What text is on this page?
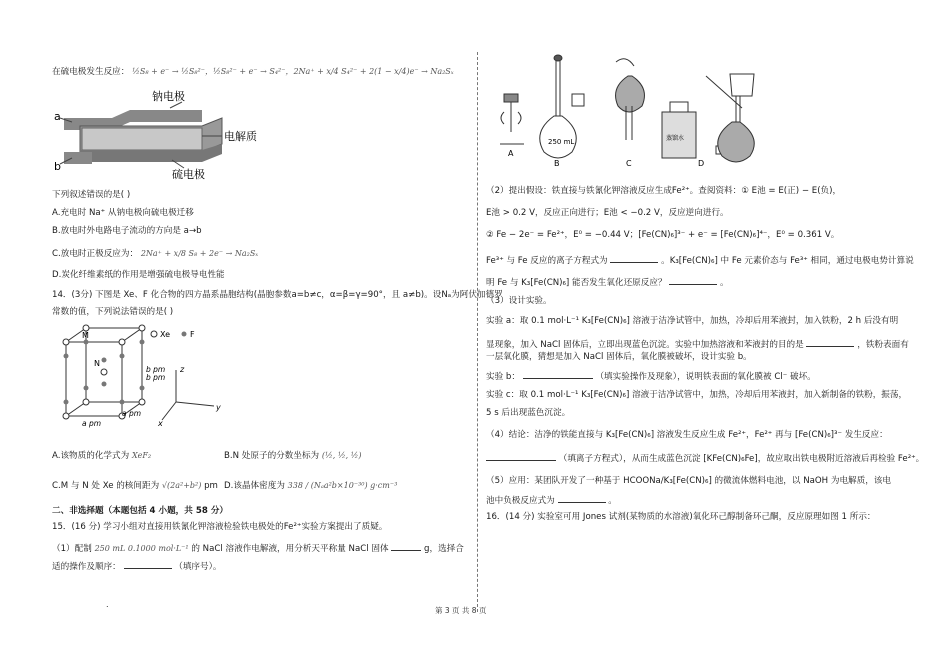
在硫电极发生反应： ½S₈ + e⁻ → ½S₈²⁻，½S₈²⁻ + e⁻ → S₄²⁻，2Na⁺ + x/4 S₄²⁻ + 2(1 − x/4)e⁻ → Na₂Sₓ
a
b
钠电极
电解质
硫电极
下列叙述错误的是( )
A.充电时 Na⁺ 从钠电极向硫电极迁移
B.放电时外电路电子流动的方向是 a→b
C.放电时正极反应为： 2Na⁺ + x/8 S₈ + 2e⁻ → Na₂Sₓ
D.炭化纤维素纸的作用是增强硫电极导电性能
14．(3分) 下图是 Xe、F 化合物的四方晶系晶胞结构(晶胞参数a=b≠c，α=β=γ=90°，且 a≠b)。设Nₐ为阿伏加德罗
常数的值，下列说法错误的是( )
M
N
Xe F
b pm
b pm
a pm
a pm
z
y
x
A.该物质的化学式为 XeF₂	B.N 处原子的分数坐标为 (½, ½, ½)
C.M 与 N 处 Xe 的核间距为 √(2a²+b²) pm D.该晶体密度为 338 / (Nₐa²b×10⁻³⁰) g·cm⁻³
二、非选择题（本题包括 4 小题，共 58 分）
15．(16 分) 学习小组对直接用铁氰化钾溶液检验铁电极处的Fe²⁺实验方案提出了质疑。
（1）配制 250 mL 0.1000 mol·L⁻¹ 的 NaCl 溶液作电解液，用分析天平称量 NaCl 固体	g，选择合
适的操作及顺序：	（填序号）。
.
A
B	C	D
250 mL	蒸馏水
（2）提出假设：铁直接与铁氰化钾溶液反应生成Fe²⁺。查阅资料：① E池 = E(正) − E(负)，
E池 > 0.2 V，反应正向进行；E池 < −0.2 V，反应逆向进行。
② Fe − 2e⁻ = Fe²⁺，E⁰ = −0.44 V；[Fe(CN)₆]³⁻ + e⁻ = [Fe(CN)₆]⁴⁻，E⁰ = 0.361 V。
Fe³⁺ 与 Fe 反应的离子方程式为	。K₃[Fe(CN)₆] 中 Fe 元素价态与 Fe³⁺ 相同，通过电极电势计算说
明 Fe 与 K₃[Fe(CN)₆] 能否发生氧化还原反应？	。
（3）设计实验。
实验 a：取 0.1 mol·L⁻¹ K₃[Fe(CN)₆] 溶液于洁净试管中，加热，冷却后用苯液封，加入铁粉，2 h 后没有明
显现象，加入 NaCl 固体后，立即出现蓝色沉淀。实验中加热溶液和苯液封的目的是	，铁粉表面有
一层氧化膜，猜想是加入 NaCl 固体后，氧化膜被破坏，设计实验 b。
实验 b：	（填实验操作及现象），说明铁表面的氧化膜被 Cl⁻ 破坏。
实验 c：取 0.1 mol·L⁻¹ K₃[Fe(CN)₆] 溶液于洁净试管中，加热，冷却后用苯液封，加入新制备的铁粉，振荡，
5 s 后出现蓝色沉淀。
（4）结论：洁净的铁能直接与 K₃[Fe(CN)₆] 溶液发生反应生成 Fe²⁺，Fe²⁺ 再与 [Fe(CN)₆]³⁻ 发生反应：
（填离子方程式），从而生成蓝色沉淀 [KFe(CN)₆Fe]，故应取出铁电极附近溶液后再检验 Fe²⁺。
（5）应用：某团队开发了一种基于 HCOONa/K₃[Fe(CN)₆] 的微流体燃料电池，以 NaOH 为电解质，该电
池中负极反应式为	。
16．(14 分) 实验室可用 Jones 试剂(某物质的水溶液)氧化环己醇制备环己酮，反应原理如图 1 所示：
第 3 页 共 8 页
